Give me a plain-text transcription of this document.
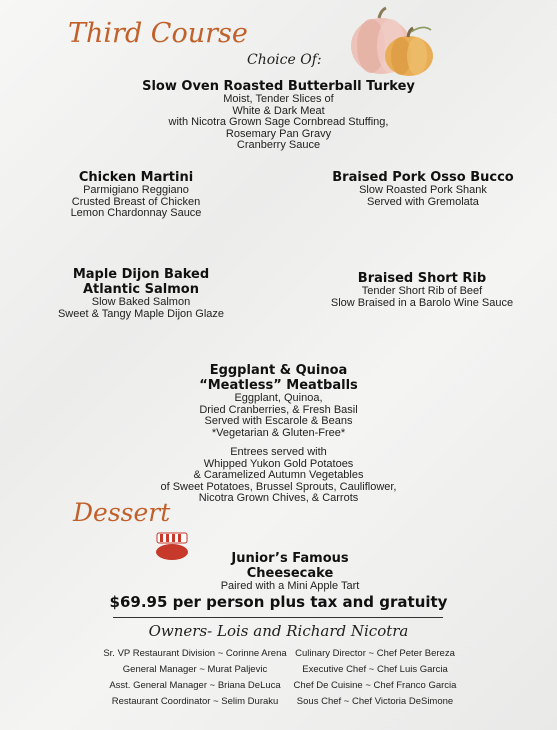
Third Course
Choice Of:
Slow Oven Roasted Butterball Turkey
Moist, Tender Slices of
White & Dark Meat
with Nicotra Grown Sage Cornbread Stuffing,
Rosemary Pan Gravy
Cranberry Sauce
Chicken Martini
Parmigiano Reggiano
Crusted Breast of Chicken
Lemon Chardonnay Sauce
Braised Pork Osso Bucco
Slow Roasted Pork Shank
Served with Gremolata
Maple Dijon Baked
Atlantic Salmon
Slow Baked Salmon
Sweet & Tangy Maple Dijon Glaze
Braised Short Rib
Tender Short Rib of Beef
Slow Braised in a Barolo Wine Sauce
Eggplant & Quinoa
“Meatless” Meatballs
Eggplant, Quinoa,
Dried Cranberries, & Fresh Basil
Served with Escarole & Beans
*Vegetarian & Gluten-Free*
Entrees served with
Whipped Yukon Gold Potatoes
& Caramelized Autumn Vegetables
of Sweet Potatoes, Brussel Sprouts, Cauliflower,
Nicotra Grown Chives, & Carrots
Dessert
Junior’s Famous Cheesecake
Paired with a Mini Apple Tart
$69.95 per person plus tax and gratuity
Owners- Lois and Richard Nicotra
Sr. VP Restaurant Division ~ Corinne Arena
General Manager ~ Murat Paljevic
Asst. General Manager ~ Briana DeLuca
Restaurant Coordinator ~ Selim Duraku
Culinary Director ~ Chef Peter Bereza
Executive Chef ~ Chef Luis Garcia
Chef De Cuisine ~ Chef Franco Garcia
Sous Chef ~ Chef Victoria DeSimone
